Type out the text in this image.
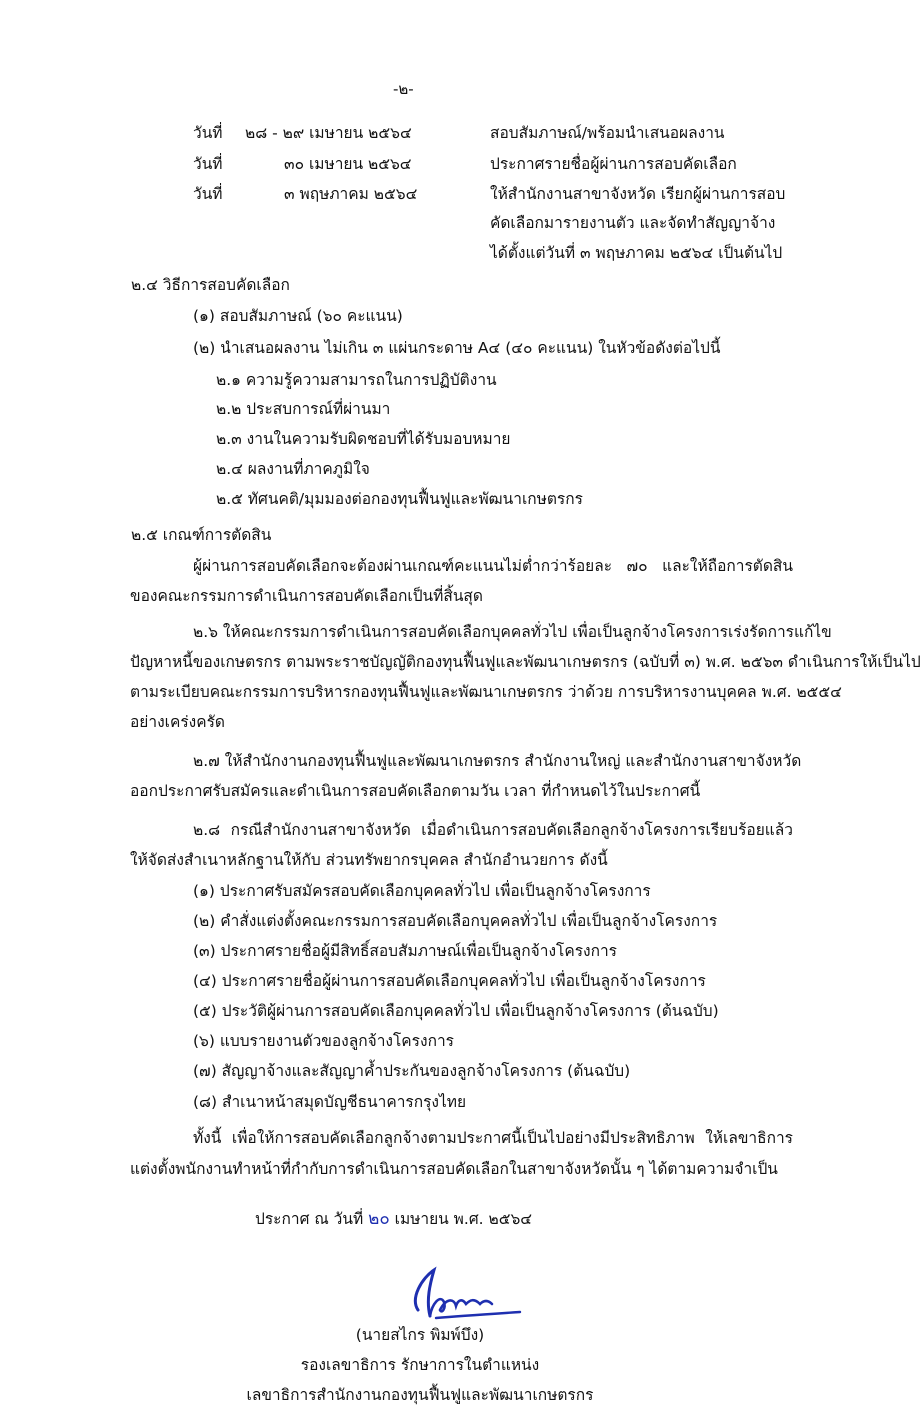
-๒-
วันที่ ๒๘ - ๒๙ เมษายน ๒๕๖๔	สอบสัมภาษณ์/พร้อมนำเสนอผลงาน
วันที่	๓๐ เมษายน ๒๕๖๔	ประกาศรายชื่อผู้ผ่านการสอบคัดเลือก
วันที่	๓ พฤษภาคม ๒๕๖๔	ให้สำนักงานสาขาจังหวัด เรียกผู้ผ่านการสอบ
คัดเลือกมารายงานตัว และจัดทำสัญญาจ้าง
ได้ตั้งแต่วันที่ ๓ พฤษภาคม ๒๕๖๔ เป็นต้นไป
๒.๔ วิธีการสอบคัดเลือก
(๑) สอบสัมภาษณ์ (๖๐ คะแนน)
(๒) นำเสนอผลงาน ไม่เกิน ๓ แผ่นกระดาษ A๔ (๔๐ คะแนน) ในหัวข้อดังต่อไปนี้
๒.๑ ความรู้ความสามารถในการปฏิบัติงาน
๒.๒ ประสบการณ์ที่ผ่านมา
๒.๓ งานในความรับผิดชอบที่ได้รับมอบหมาย
๒.๔ ผลงานที่ภาคภูมิใจ
๒.๕ ทัศนคติ/มุมมองต่อกองทุนฟื้นฟูและพัฒนาเกษตรกร
๒.๕ เกณฑ์การตัดสิน
ผู้ผ่านการสอบคัดเลือกจะต้องผ่านเกณฑ์คะแนนไม่ต่ำกว่าร้อยละ ๗๐ และให้ถือการตัดสิน
ของคณะกรรมการดำเนินการสอบคัดเลือกเป็นที่สิ้นสุด
๒.๖ ให้คณะกรรมการดำเนินการสอบคัดเลือกบุคคลทั่วไป เพื่อเป็นลูกจ้างโครงการเร่งรัดการแก้ไข
ปัญหาหนี้ของเกษตรกร ตามพระราชบัญญัติกองทุนฟื้นฟูและพัฒนาเกษตรกร (ฉบับที่ ๓) พ.ศ. ๒๕๖๓ ดำเนินการให้เป็นไป
ตามระเบียบคณะกรรมการบริหารกองทุนฟื้นฟูและพัฒนาเกษตรกร ว่าด้วย การบริหารงานบุคคล พ.ศ. ๒๕๕๔
อย่างเคร่งครัด
๒.๗ ให้สำนักงานกองทุนฟื้นฟูและพัฒนาเกษตรกร สำนักงานใหญ่ และสำนักงานสาขาจังหวัด
ออกประกาศรับสมัครและดำเนินการสอบคัดเลือกตามวัน เวลา ที่กำหนดไว้ในประกาศนี้
๒.๘ กรณีสำนักงานสาขาจังหวัด เมื่อดำเนินการสอบคัดเลือกลูกจ้างโครงการเรียบร้อยแล้ว
ให้จัดส่งสำเนาหลักฐานให้กับ ส่วนทรัพยากรบุคคล สำนักอำนวยการ ดังนี้
(๑) ประกาศรับสมัครสอบคัดเลือกบุคคลทั่วไป เพื่อเป็นลูกจ้างโครงการ
(๒) คำสั่งแต่งตั้งคณะกรรมการสอบคัดเลือกบุคคลทั่วไป เพื่อเป็นลูกจ้างโครงการ
(๓) ประกาศรายชื่อผู้มีสิทธิ์สอบสัมภาษณ์เพื่อเป็นลูกจ้างโครงการ
(๔) ประกาศรายชื่อผู้ผ่านการสอบคัดเลือกบุคคลทั่วไป เพื่อเป็นลูกจ้างโครงการ
(๕) ประวัติผู้ผ่านการสอบคัดเลือกบุคคลทั่วไป เพื่อเป็นลูกจ้างโครงการ (ต้นฉบับ)
(๖) แบบรายงานตัวของลูกจ้างโครงการ
(๗) สัญญาจ้างและสัญญาค้ำประกันของลูกจ้างโครงการ (ต้นฉบับ)
(๘) สำเนาหน้าสมุดบัญชีธนาคารกรุงไทย
ทั้งนี้ เพื่อให้การสอบคัดเลือกลูกจ้างตามประกาศนี้เป็นไปอย่างมีประสิทธิภาพ ให้เลขาธิการ
แต่งตั้งพนักงานทำหน้าที่กำกับการดำเนินการสอบคัดเลือกในสาขาจังหวัดนั้น ๆ ได้ตามความจำเป็น
ประกาศ ณ วันที่ ๒๐ เมษายน พ.ศ. ๒๕๖๔
(นายสไกร พิมพ์บึง)
รองเลขาธิการ รักษาการในตำแหน่ง
เลขาธิการสำนักงานกองทุนฟื้นฟูและพัฒนาเกษตรกร
